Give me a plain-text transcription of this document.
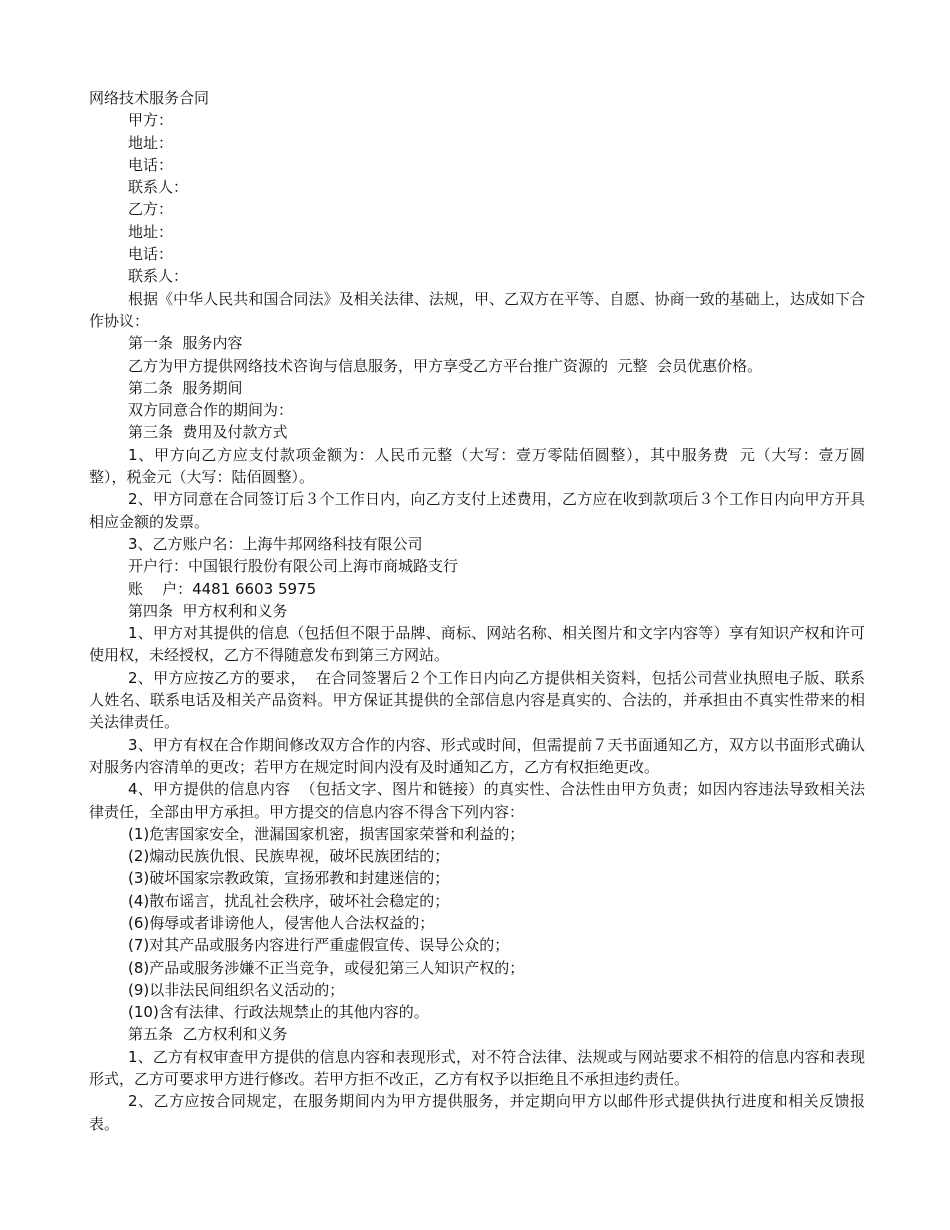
网络技术服务合同

甲方：

地址：

电话：

联系人：

乙方：

地址：

电话：

联系人：

根据《中华人民共和国合同法》及相关法律、法规，甲、乙双方在平等、自愿、协商一致的基础上，达成如下合作协议：

第一条  服务内容

乙方为甲方提供网络技术咨询与信息服务，甲方享受乙方平台推广资源的  元整  会员优惠价格。

第二条  服务期间

双方同意合作的期间为：

第三条  费用及付款方式

1、甲方向乙方应支付款项金额为：人民币元整（大写：壹万零陆佰圆整），其中服务费  元（大写：壹万圆整），税金元（大写：陆佰圆整）。

2、甲方同意在合同签订后３个工作日内，向乙方支付上述费用，乙方应在收到款项后３个工作日内向甲方开具相应金额的发票。

3、乙方账户名：上海牛邦网络科技有限公司

开户行：中国银行股份有限公司上海市商城路支行

账    户：4481 6603 5975

第四条  甲方权利和义务

1、甲方对其提供的信息（包括但不限于品牌、商标、网站名称、相关图片和文字内容等）享有知识产权和许可使用权，未经授权，乙方不得随意发布到第三方网站。

2、甲方应按乙方的要求，  在合同签署后２个工作日内向乙方提供相关资料，包括公司营业执照电子版、联系人姓名、联系电话及相关产品资料。甲方保证其提供的全部信息内容是真实的、合法的，并承担由不真实性带来的相关法律责任。

3、甲方有权在合作期间修改双方合作的内容、形式或时间，但需提前７天书面通知乙方，双方以书面形式确认对服务内容清单的更改；若甲方在规定时间内没有及时通知乙方，乙方有权拒绝更改。

4、甲方提供的信息内容  （包括文字、图片和链接）的真实性、合法性由甲方负责；如因内容违法导致相关法律责任，全部由甲方承担。甲方提交的信息内容不得含下列内容：

(1)危害国家安全，泄漏国家机密，损害国家荣誉和利益的；

(2)煽动民族仇恨、民族卑视，破坏民族团结的；

(3)破坏国家宗教政策，宣扬邪教和封建迷信的；

(4)散布谣言，扰乱社会秩序，破坏社会稳定的；

(6)侮辱或者诽谤他人，侵害他人合法权益的；

(7)对其产品或服务内容进行严重虚假宣传、误导公众的；

(8)产品或服务涉嫌不正当竞争，或侵犯第三人知识产权的；

(9)以非法民间组织名义活动的；

(10)含有法律、行政法规禁止的其他内容的。

第五条  乙方权利和义务

1、乙方有权审查甲方提供的信息内容和表现形式，对不符合法律、法规或与网站要求不相符的信息内容和表现形式，乙方可要求甲方进行修改。若甲方拒不改正，乙方有权予以拒绝且不承担违约责任。

2、乙方应按合同规定，在服务期间内为甲方提供服务，并定期向甲方以邮件形式提供执行进度和相关反馈报表。
